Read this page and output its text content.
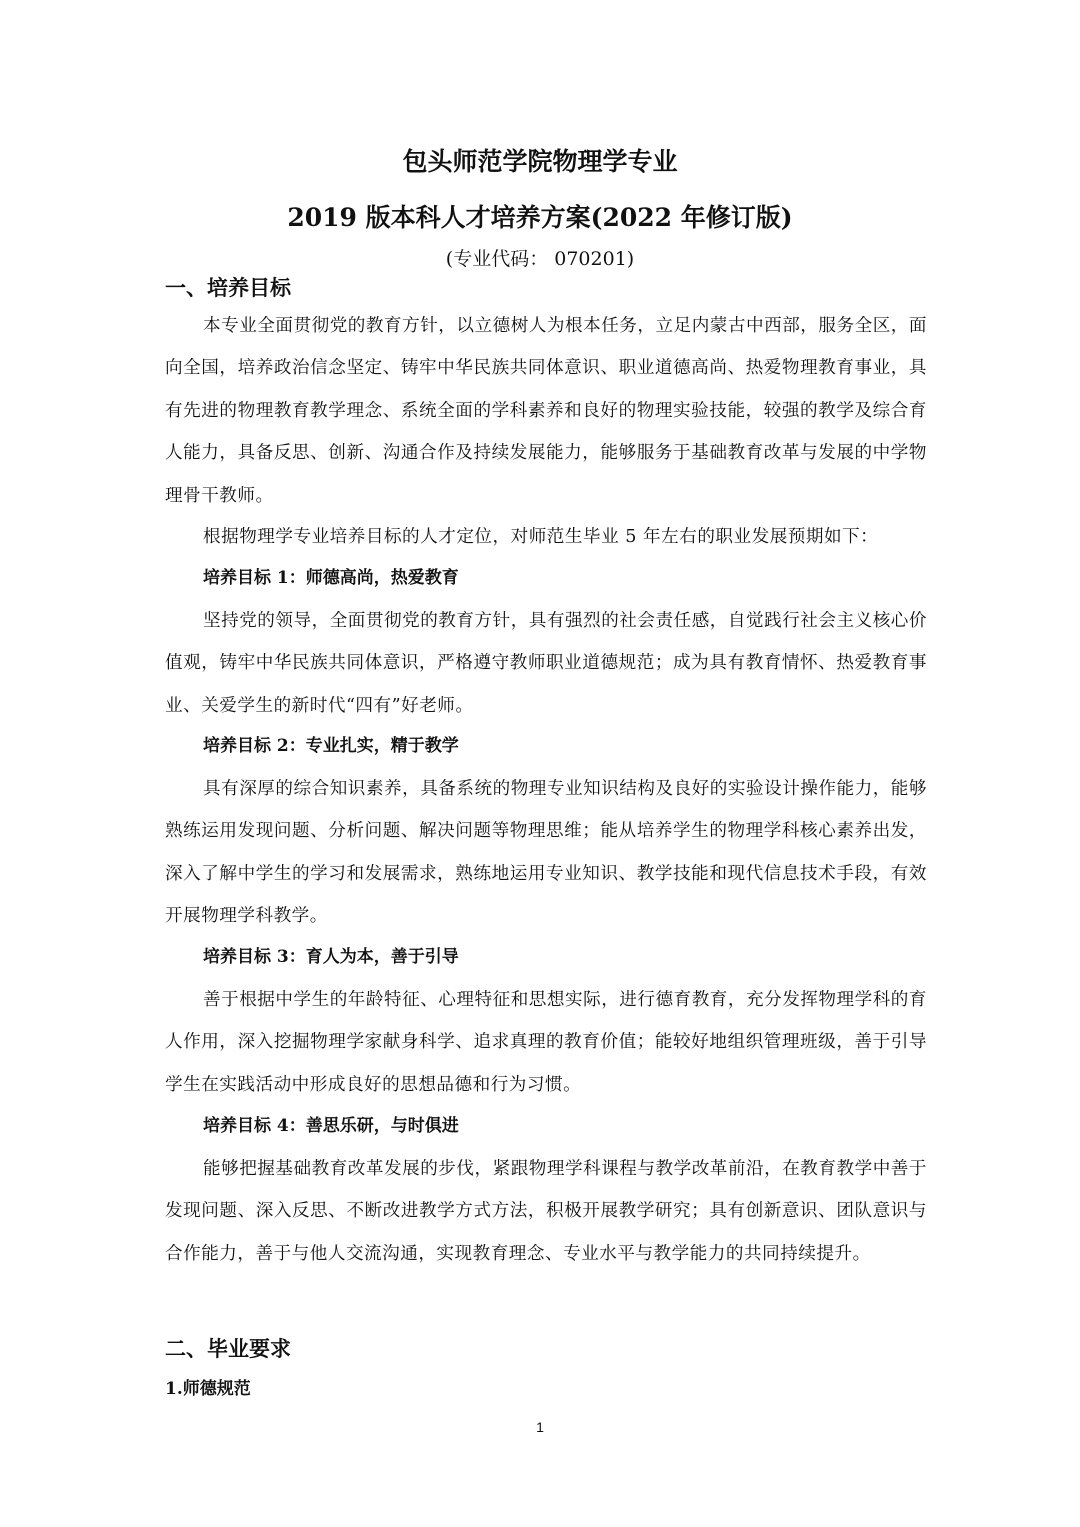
包头师范学院物理学专业
2019 版本科人才培养方案(2022 年修订版)
(专业代码： 070201)
一、培养目标

本专业全面贯彻党的教育方针，以立德树人为根本任务，立足内蒙古中西部，服务全区，面向全国，培养政治信念坚定、铸牢中华民族共同体意识、职业道德高尚、热爱物理教育事业，具有先进的物理教育教学理念、系统全面的学科素养和良好的物理实验技能，较强的教学及综合育人能力，具备反思、创新、沟通合作及持续发展能力，能够服务于基础教育改革与发展的中学物理骨干教师。

根据物理学专业培养目标的人才定位，对师范生毕业 5 年左右的职业发展预期如下：

培养目标 1：师德高尚，热爱教育

坚持党的领导，全面贯彻党的教育方针，具有强烈的社会责任感，自觉践行社会主义核心价值观，铸牢中华民族共同体意识，严格遵守教师职业道德规范；成为具有教育情怀、热爱教育事业、关爱学生的新时代“四有”好老师。

培养目标 2：专业扎实，精于教学

具有深厚的综合知识素养，具备系统的物理专业知识结构及良好的实验设计操作能力，能够熟练运用发现问题、分析问题、解决问题等物理思维；能从培养学生的物理学科核心素养出发，深入了解中学生的学习和发展需求，熟练地运用专业知识、教学技能和现代信息技术手段，有效开展物理学科教学。

培养目标 3：育人为本，善于引导

善于根据中学生的年龄特征、心理特征和思想实际，进行德育教育，充分发挥物理学科的育人作用，深入挖掘物理学家献身科学、追求真理的教育价值；能较好地组织管理班级，善于引导学生在实践活动中形成良好的思想品德和行为习惯。

培养目标 4：善思乐研，与时俱进

能够把握基础教育改革发展的步伐，紧跟物理学科课程与教学改革前沿，在教育教学中善于发现问题、深入反思、不断改进教学方式方法，积极开展教学研究；具有创新意识、团队意识与合作能力，善于与他人交流沟通，实现教育理念、专业水平与教学能力的共同持续提升。

二、毕业要求
1.师德规范
1
